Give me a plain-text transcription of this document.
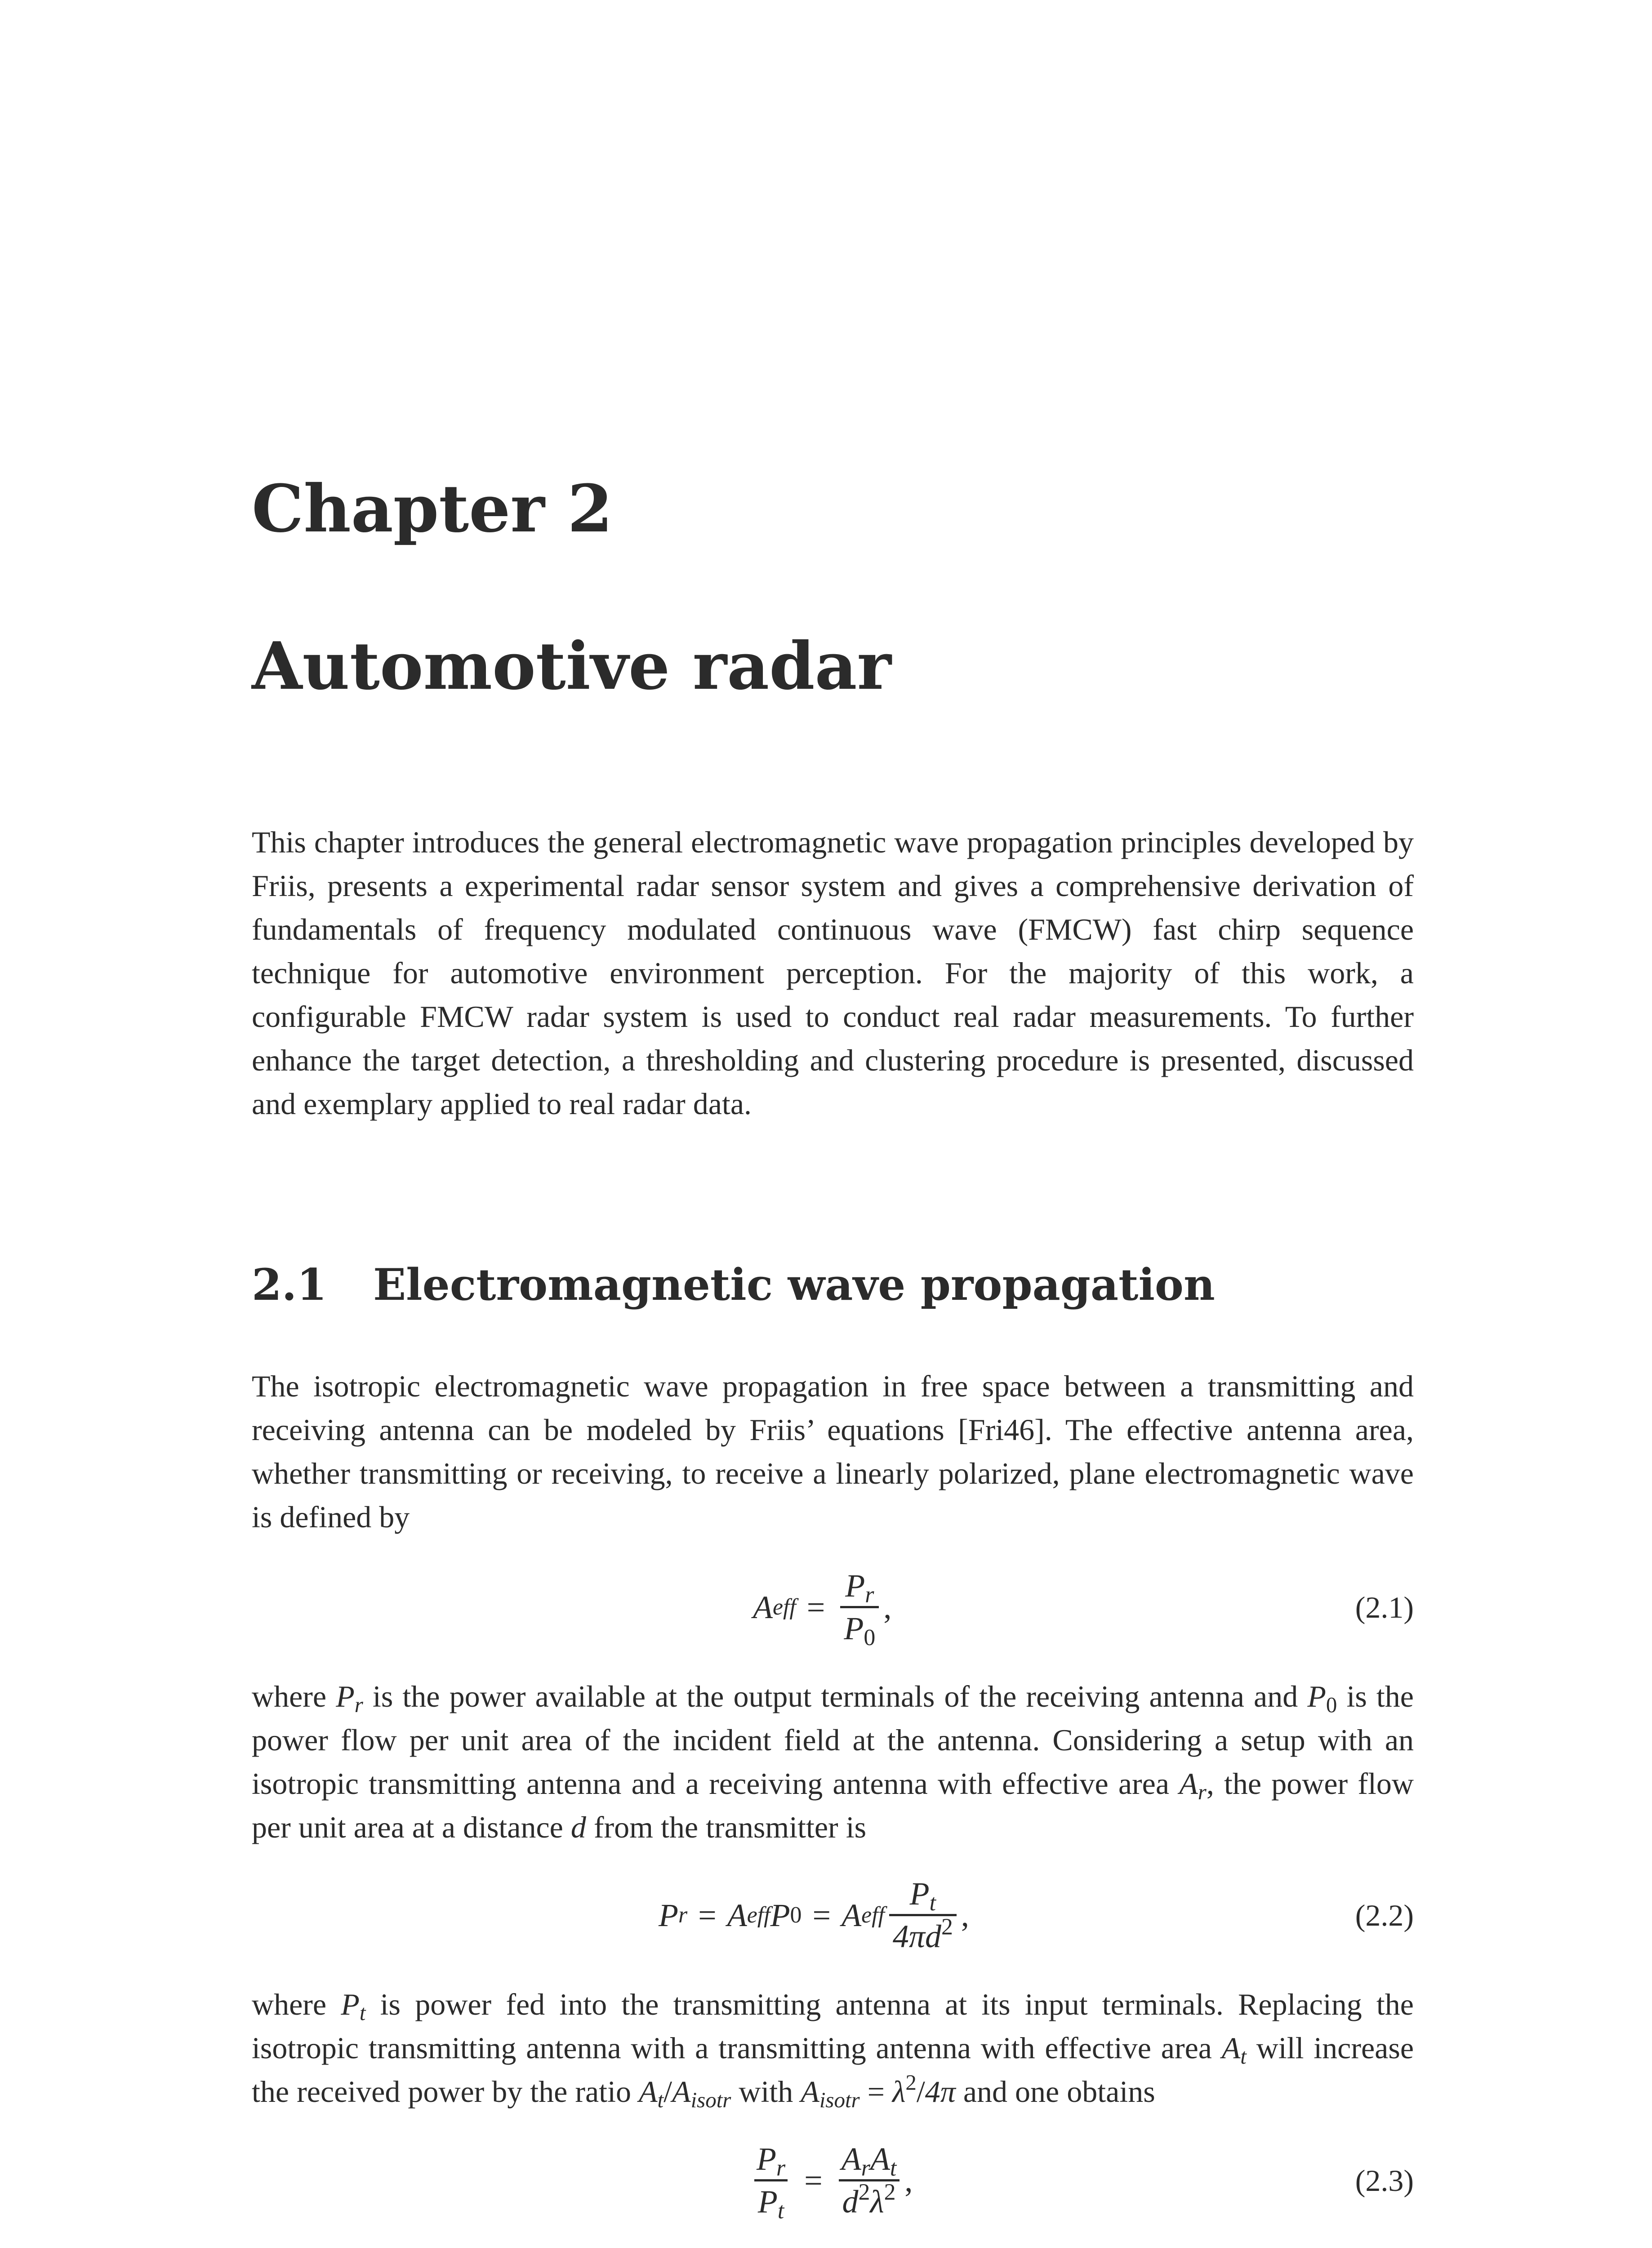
Chapter 2
Automotive radar

This chapter introduces the general electromagnetic wave propagation principles developed by Friis, presents a experimental radar sensor system and gives a comprehensive derivation of fundamentals of frequency modulated continuous wave (FMCW) fast chirp sequence technique for automotive environment perception. For the majority of this work, a configurable FMCW radar system is used to conduct real radar measurements. To further enhance the target detection, a thresholding and clustering procedure is presented, discussed and exemplary applied to real radar data.

2.1 Electromagnetic wave propagation

The isotropic electromagnetic wave propagation in free space between a transmitting and receiving antenna can be modeled by Friis’ equations [Fri46]. The effective antenna area, whether transmitting or receiving, to receive a linearly polarized, plane electromagnetic wave is defined by

A eff = $\frac{P_r}{P_0}$ ,	(2.1)

where $P_r$ is the power available at the output terminals of the receiving antenna and $P_0$ is the power flow per unit area of the incident field at the antenna. Considering a setup with an isotropic transmitting antenna and a receiving antenna with effective area $A_r$, the power flow per unit area at a distance d from the transmitter is

P r = A eff P 0 = A eff $\frac{P_t}{4\pi d^2}$ ,	(2.2)

where $P_t$ is power fed into the transmitting antenna at its input terminals. Replacing the isotropic transmitting antenna with a transmitting antenna with effective area $A_t$ will increase the received power by the ratio $A_t/A_{isotr}$ with $A_{isotr} = \lambda^2/4\pi$ and one obtains

$\frac{P_r}{P_t} = \frac{A_rA_t}{d^2\lambda^2}$ ,	(2.3)
